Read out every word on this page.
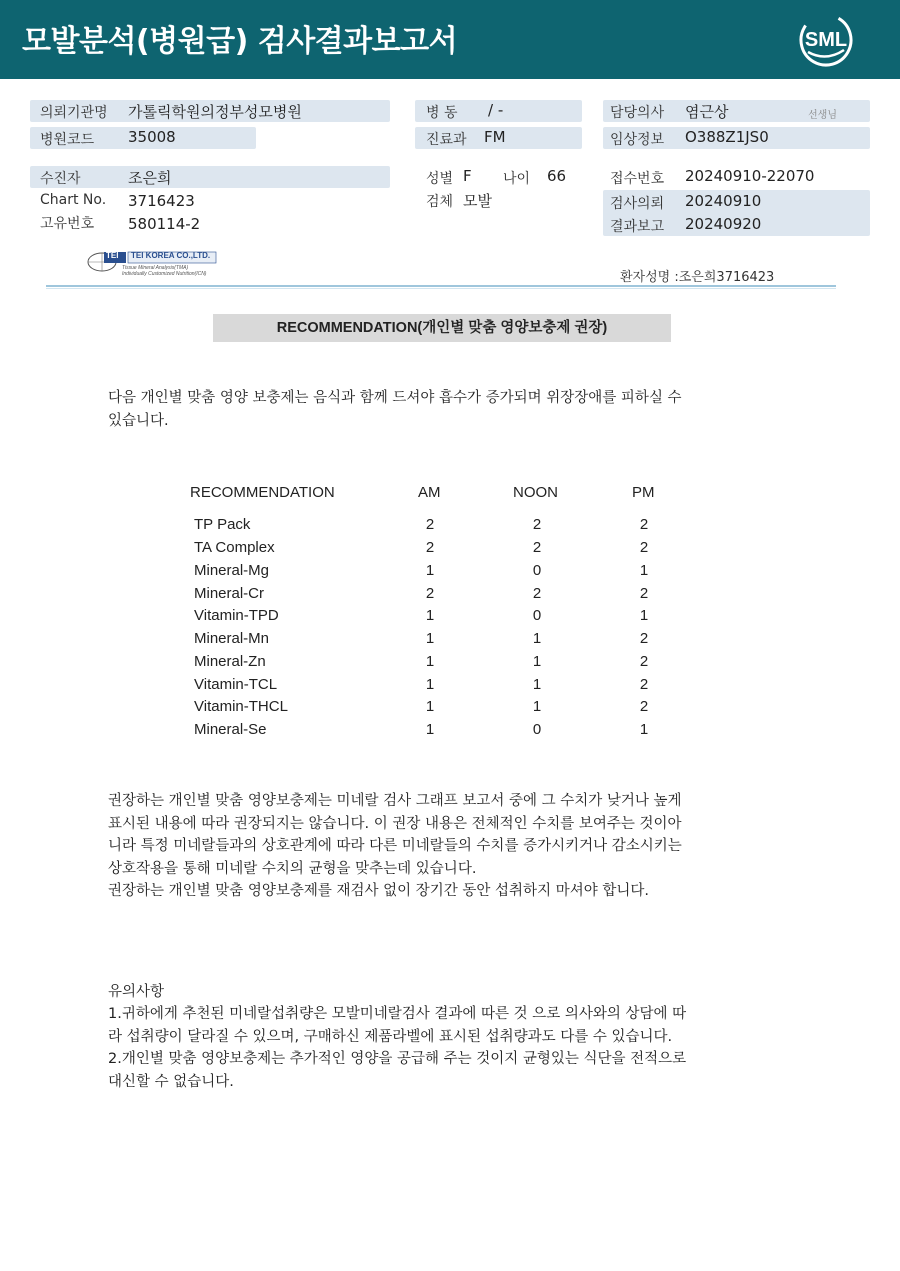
모발분석(병원급) 검사결과보고서	SML
의뢰기관명 가톨릭학원의정부성모병원
병원코드 35008
병 동 / -
진료과 FM
담당의사 염근상	선생님
임상정보 O388Z1JS0
수진자	조은희
Chart No. 3716423
고유번호 580114-2
성별 F 나이 66
검체 모발
접수번호 20240910-22070
검사의뢰 20240910
결과보고 20240920
TEI TEI KOREA CO.,LTD.
Tissue Mineral Analysis(TMA)
Individually Customized Nutrition(ICN)	환자성명 :조은희3716423
RECOMMENDATION(개인별 맞춤 영양보충제 권장)
다음 개인별 맞춤 영양 보충제는 음식과 함께 드셔야 흡수가 증가되며 위장장애를 피하실 수
있습니다.
RECOMMENDATION	AM	NOON	PM
TP Pack	2	2	2
TA Complex	2	2	2
Mineral-Mg	1	0	1
Mineral-Cr	2	2	2
Vitamin-TPD	1	0	1
Mineral-Mn	1	1	2
Mineral-Zn	1	1	2
Vitamin-TCL	1	1	2
Vitamin-THCL	1	1	2
Mineral-Se	1	0	1
권장하는 개인별 맞춤 영양보충제는 미네랄 검사 그래프 보고서 중에 그 수치가 낮거나 높게
표시된 내용에 따라 권장되지는 않습니다. 이 권장 내용은 전체적인 수치를 보여주는 것이아
니라 특정 미네랄들과의 상호관계에 따라 다른 미네랄들의 수치를 증가시키거나 감소시키는
상호작용을 통해 미네랄 수치의 균형을 맞추는데 있습니다.
권장하는 개인별 맞춤 영양보충제를 재검사 없이 장기간 동안 섭취하지 마셔야 합니다.
유의사항
1.귀하에게 추천된 미네랄섭취량은 모발미네랄검사 결과에 따른 것 으로 의사와의 상담에 따
라 섭취량이 달라질 수 있으며, 구매하신 제품라벨에 표시된 섭취량과도 다를 수 있습니다.
2.개인별 맞춤 영양보충제는 추가적인 영양을 공급해 주는 것이지 균형있는 식단을 전적으로
대신할 수 없습니다.
